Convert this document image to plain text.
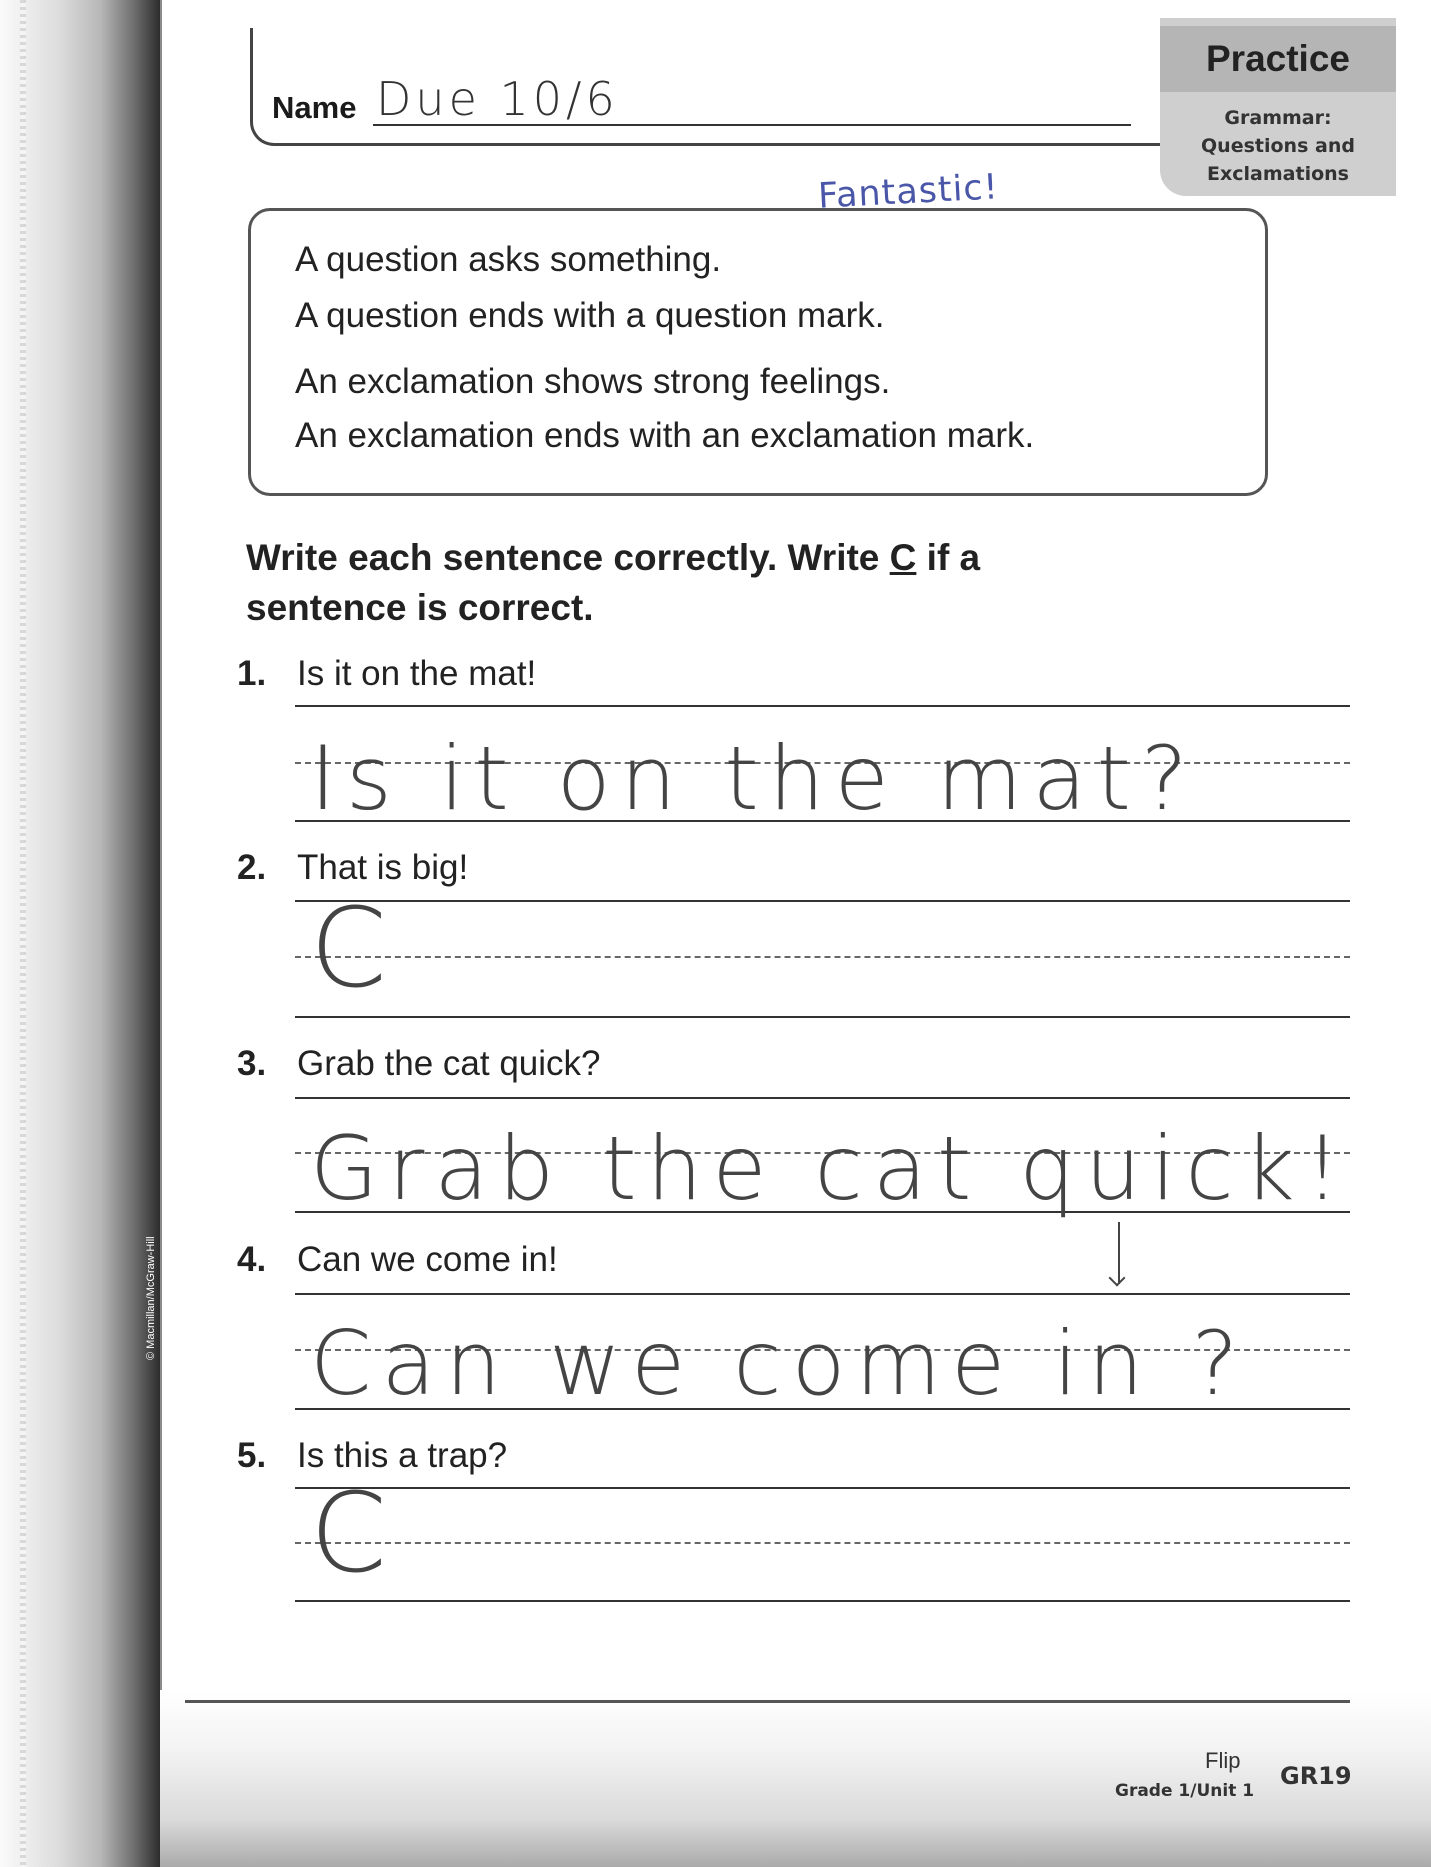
© Macmillan/McGraw-Hill
Name Due 10/6
Practice
Grammar:
Questions and
Exclamations
Fantastic!
A question asks something.
A question ends with a question mark.
An exclamation shows strong feelings.
An exclamation ends with an exclamation mark.
Write each sentence correctly. Write C if a sentence is correct.
1. Is it on the mat!
Is it on the mat?
2. That is big!
C
3. Grab the cat quick?
Grab the cat quick!
4. Can we come in!
Can we come in ?
5. Is this a trap?
C
Flip
Grade 1/Unit 1
GR19
